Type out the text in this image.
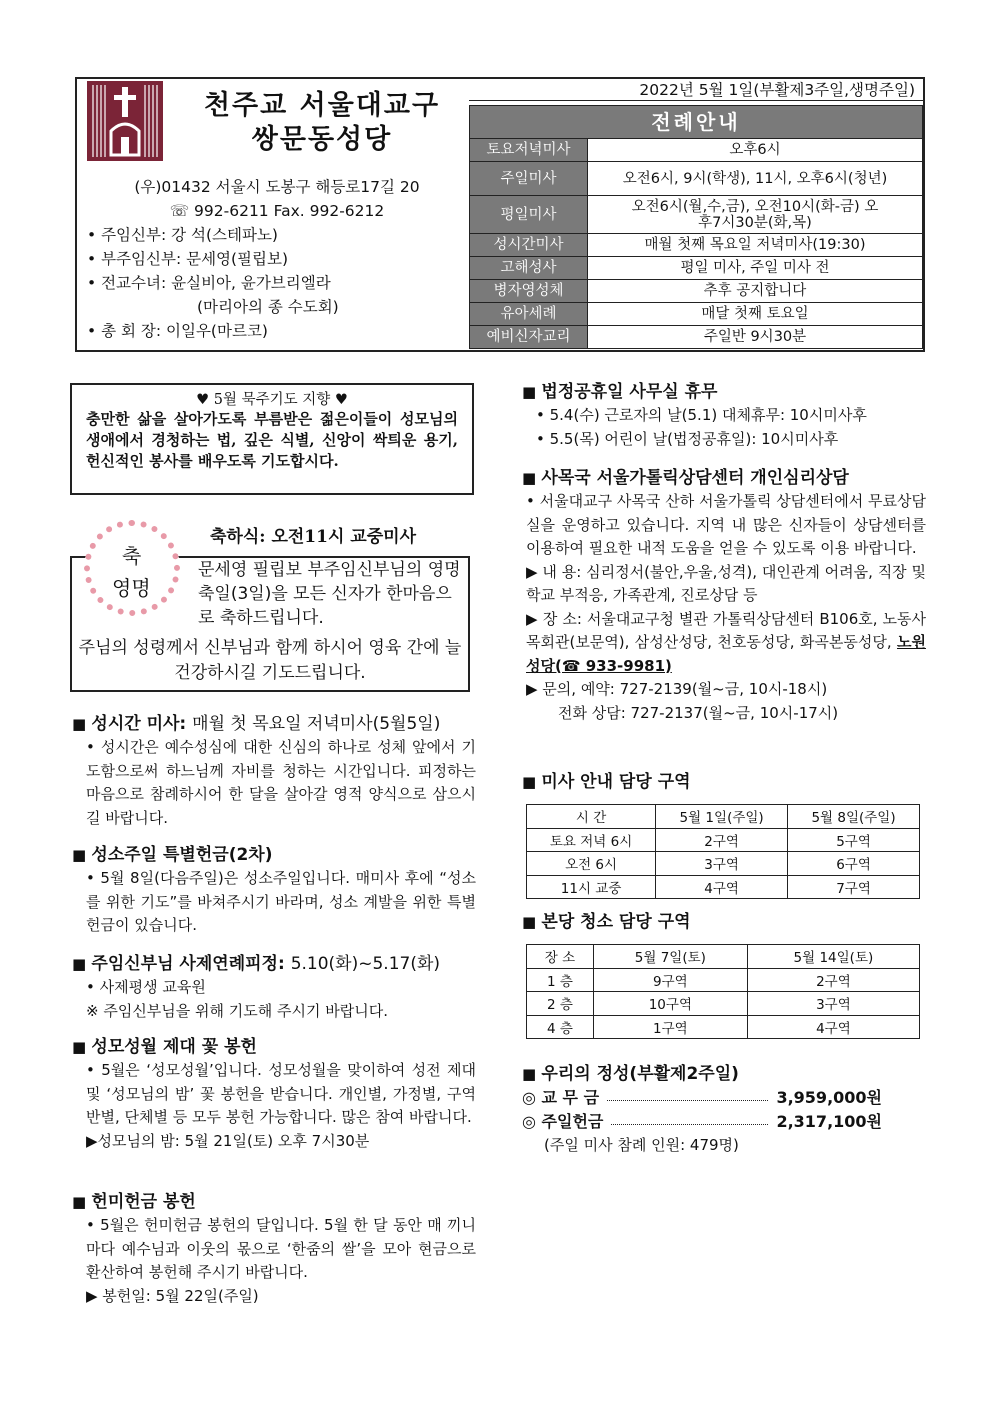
천주교 서울대교구
쌍문동성당
(우)01432 서울시 도봉구 해등로17길 20
☏ 992-6211 Fax. 992-6212
• 주임신부: 강 석(스테파노)
• 부주임신부: 문세영(필립보)
• 전교수녀: 윤실비아, 윤가브리엘라
(마리아의 종 수도회)
• 총 회 장: 이일우(마르코)
2022년 5월 1일(부활제3주일,생명주일)
전례안내	
토요저녁미사	오후6시
주일미사	오전6시, 9시(학생), 11시, 오후6시(청년)
평일미사	오전6시(월,수,금), 오전10시(화-금) 오후7시30분(화,목)
성시간미사	매월 첫째 목요일 저녁미사(19:30)
고해성사	평일 미사, 주일 미사 전
병자영성체	추후 공지합니다
유아세례	매달 첫째 토요일
예비신자교리	주일반 9시30분
♥ 5월 묵주기도 지향 ♥
충만한 삶을 살아가도록 부름받은 젊은이들이 성모님의 생애에서 경청하는 법, 깊은 식별, 신앙이 싹틔운 용기, 헌신적인 봉사를 배우도록 기도합시다.
축하식: 오전11시 교중미사
축
영명
문세영 필립보 부주임신부님의 영명축일(3일)을 모든 신자가 한마음으로 축하드립니다.
주님의 성령께서 신부님과 함께 하시어 영육 간에 늘 건강하시길 기도드립니다.
■ 성시간 미사: 매월 첫 목요일 저녁미사(5월5일)
• 성시간은 예수성심에 대한 신심의 하나로 성체 앞에서 기도함으로써 하느님께 자비를 청하는 시간입니다. 피정하는 마음으로 참례하시어 한 달을 살아갈 영적 양식으로 삼으시길 바랍니다.
■ 성소주일 특별헌금(2차)
• 5월 8일(다음주일)은 성소주일입니다. 매미사 후에 “성소를 위한 기도”를 바쳐주시기 바라며, 성소 계발을 위한 특별헌금이 있습니다.
■ 주임신부님 사제연례피정: 5.10(화)~5.17(화)
• 사제평생 교육원
※ 주임신부님을 위해 기도해 주시기 바랍니다.
■ 성모성월 제대 꽃 봉헌
• 5월은 ‘성모성월’입니다. 성모성월을 맞이하여 성전 제대 및 ‘성모님의 밤’ 꽃 봉헌을 받습니다. 개인별, 가정별, 구역반별, 단체별 등 모두 봉헌 가능합니다. 많은 참여 바랍니다.
▶성모님의 밤: 5월 21일(토) 오후 7시30분
■ 헌미헌금 봉헌
• 5월은 헌미헌금 봉헌의 달입니다. 5월 한 달 동안 매 끼니마다 예수님과 이웃의 몫으로 ‘한줌의 쌀’을 모아 현금으로 환산하여 봉헌해 주시기 바랍니다.
▶ 봉헌일: 5월 22일(주일)
■ 법정공휴일 사무실 휴무
• 5.4(수) 근로자의 날(5.1) 대체휴무: 10시미사후
• 5.5(목) 어린이 날(법정공휴일): 10시미사후
■ 사목국 서울가톨릭상담센터 개인심리상담
• 서울대교구 사목국 산하 서울가톨릭 상담센터에서 무료상담실을 운영하고 있습니다. 지역 내 많은 신자들이 상담센터를 이용하여 필요한 내적 도움을 얻을 수 있도록 이용 바랍니다.
▶ 내 용: 심리정서(불안,우울,성격), 대인관계 어려움, 직장 및 학교 부적응, 가족관계, 진로상담 등
▶ 장 소: 서울대교구청 별관 가톨릭상담센터 B106호, 노동사목회관(보문역), 삼성산성당, 천호동성당, 화곡본동성당, 노원성당(☎ 933-9981)
▶ 문의, 예약: 727-2139(월~금, 10시-18시)
전화 상담: 727-2137(월~금, 10시-17시)
■ 미사 안내 담당 구역
시 간	5월 1일(주일)	5월 8일(주일)
토요 저녁 6시	2구역	5구역
오전 6시	3구역	6구역
11시 교중	4구역	7구역
■ 본당 청소 담당 구역
장 소	5월 7일(토)	5월 14일(토)
1 층	9구역	2구역
2 층	10구역	3구역
4 층	1구역	4구역
■ 우리의 정성(부활제2주일)
◎ 교 무 금	3,959,000원
◎ 주일헌금	2,317,100원
(주일 미사 참례 인원: 479명)
